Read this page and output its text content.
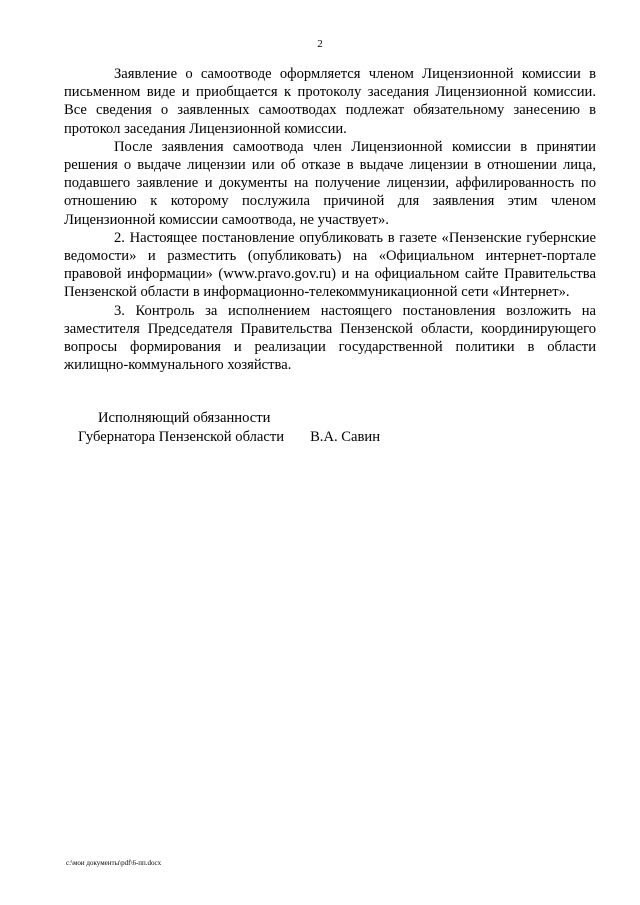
2

Заявление о самоотводе оформляется членом Лицензионной комиссии в письменном виде и приобщается к протоколу заседания Лицензионной комиссии. Все сведения о заявленных самоотводах подлежат обязательному занесению в протокол заседания Лицензионной комиссии.

После заявления самоотвода член Лицензионной комиссии в принятии решения о выдаче лицензии или об отказе в выдаче лицензии в отношении лица, подавшего заявление и документы на получение лицензии, аффилированность по отношению к которому послужила причиной для заявления этим членом Лицензионной комиссии самоотвода, не участвует».

2. Настоящее постановление опубликовать в газете «Пензенские губернские ведомости» и разместить (опубликовать) на «Официальном интернет-портале правовой информации» (www.pravo.gov.ru) и на официальном сайте Правительства Пензенской области в информационно-телекоммуникационной сети «Интернет».

3. Контроль за исполнением настоящего постановления возложить на заместителя Председателя Правительства Пензенской области, координирующего вопросы формирования и реализации государственной политики в области жилищно-коммунального хозяйства.

Исполняющий обязанности
Губернатора Пензенской области В.А. Савин
c:\мои документы\pdf\6-пп.docx
